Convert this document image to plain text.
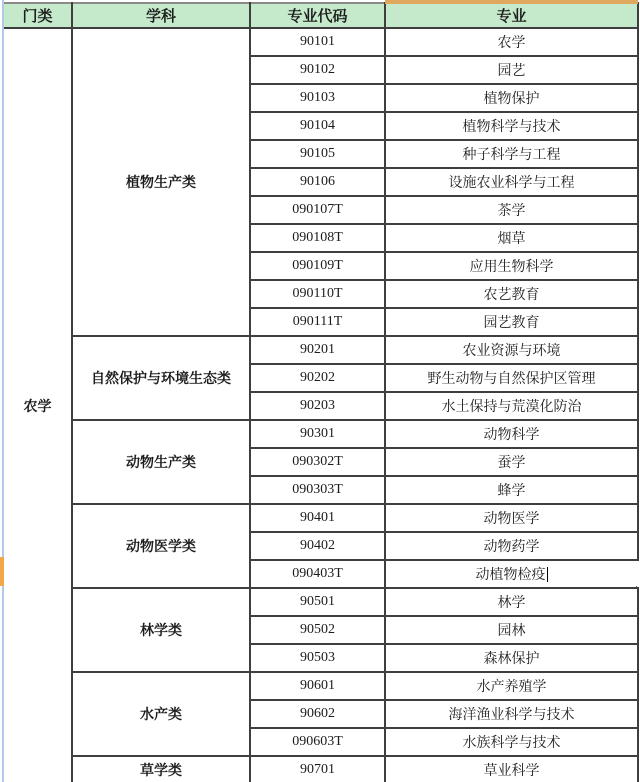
门类	学科	专业代码	专业
农学	植物生产类	90101	农学
		90102	园艺
		90103	植物保护
		90104	植物科学与技术
		90105	种子科学与工程
		90106	设施农业科学与工程
		090107T	茶学
		090108T	烟草
		090109T	应用生物科学
		090110T	农艺教育
		090111T	园艺教育
	自然保护与环境生态类	90201	农业资源与环境
		90202	野生动物与自然保护区管理
		90203	水土保持与荒漠化防治
	动物生产类	90301	动物科学
		090302T	蚕学
		090303T	蜂学
	动物医学类	90401	动物医学
		90402	动物药学
		090403T	动植物检疫

	林学类	90501	林学
		90502	园林
		90503	森林保护
	水产类	90601	水产养殖学
		90602	海洋渔业科学与技术
		090603T	水族科学与技术
	草学类	90701	草业科学
